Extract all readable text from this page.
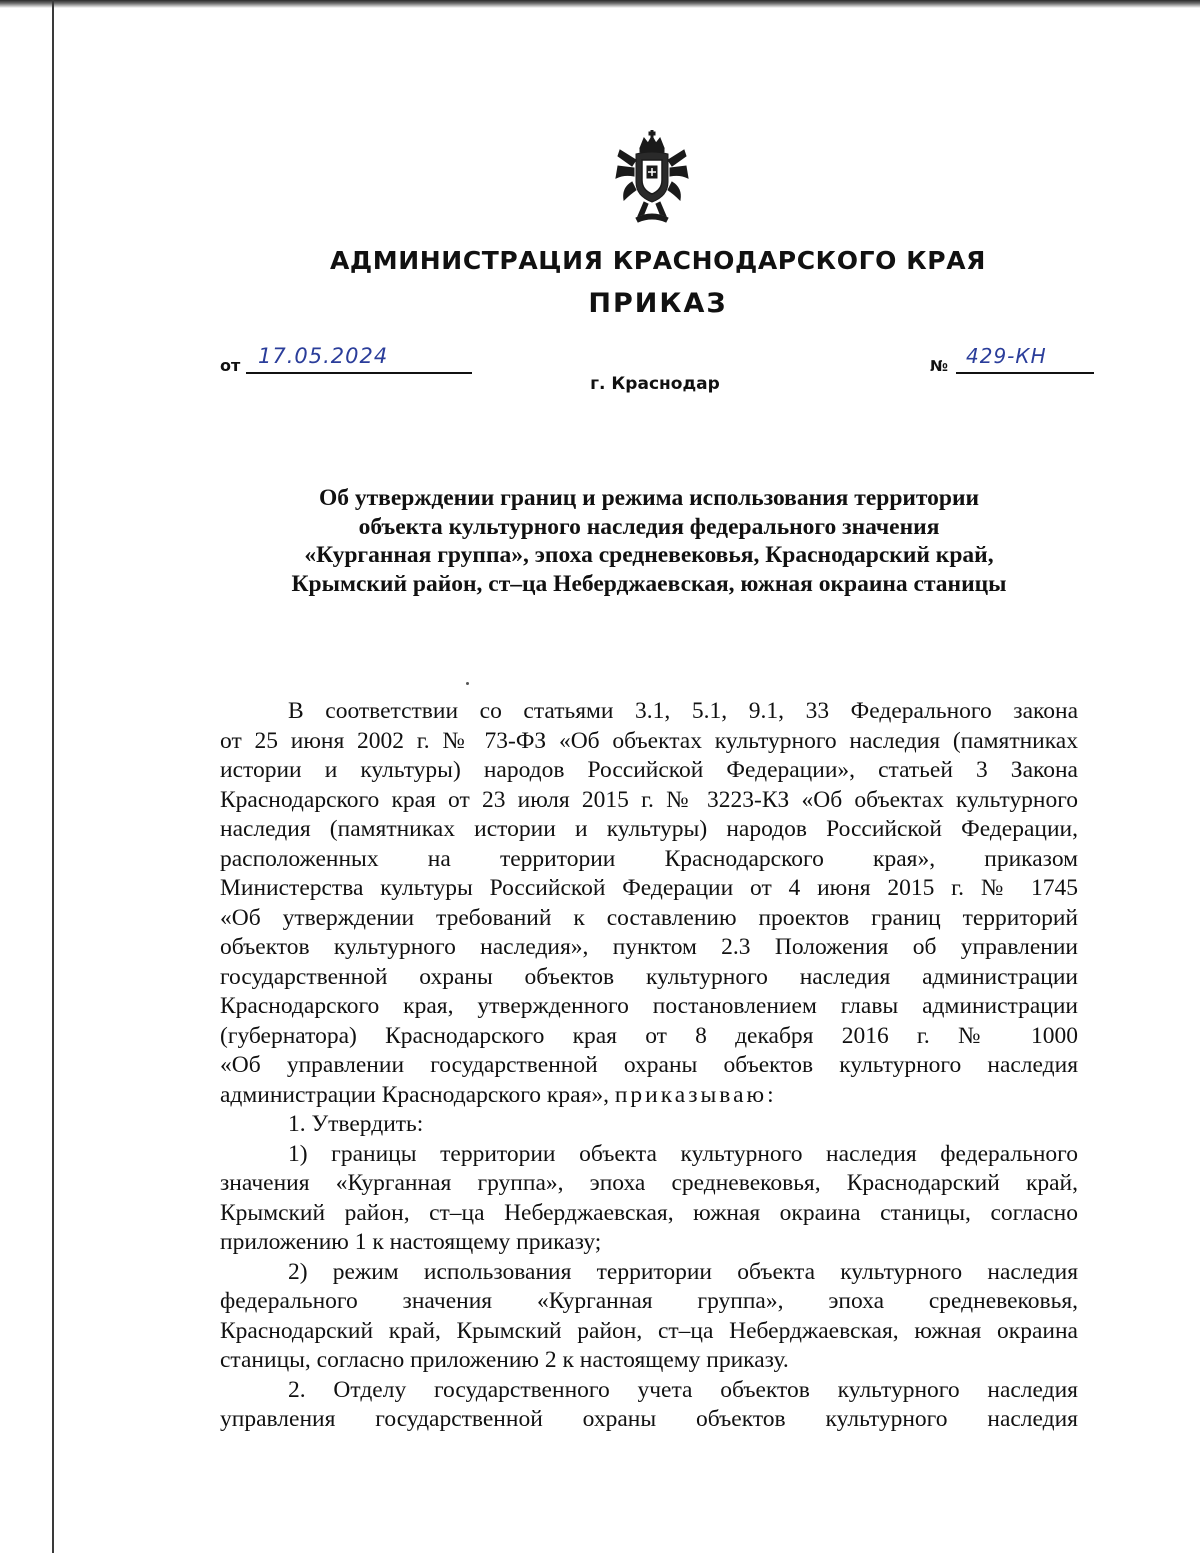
АДМИНИСТРАЦИЯ КРАСНОДАРСКОГО КРАЯ
ПРИКАЗ
от 17.05.2024
г. Краснодар
№ 429-КН
Об утверждении границ и режима использования территории
объекта культурного наследия федерального значения
«Курганная группа», эпоха средневековья, Краснодарский край,
Крымский район, ст–ца Неберджаевская, южная окраина станицы
В соответствии со статьями 3.1, 5.1, 9.1, 33 Федерального закона
от 25 июня 2002 г. № 73-ФЗ «Об объектах культурного наследия (памятниках
истории и культуры) народов Российской Федерации», статьей 3 Закона
Краснодарского края от 23 июля 2015 г. № 3223-КЗ «Об объектах культурного
наследия (памятниках истории и культуры) народов Российской Федерации,
расположенных на территории Краснодарского края», приказом
Министерства культуры Российской Федерации от 4 июня 2015 г. № 1745
«Об утверждении требований к составлению проектов границ территорий
объектов культурного наследия», пунктом 2.3 Положения об управлении
государственной охраны объектов культурного наследия администрации
Краснодарского края, утвержденного постановлением главы администрации
(губернатора) Краснодарского края от 8 декабря 2016 г. № 1000
«Об управлении государственной охраны объектов культурного наследия
администрации Краснодарского края», приказываю:
1. Утвердить:
1) границы территории объекта культурного наследия федерального
значения «Курганная группа», эпоха средневековья, Краснодарский край,
Крымский район, ст–ца Неберджаевская, южная окраина станицы, согласно
приложению 1 к настоящему приказу;
2) режим использования территории объекта культурного наследия
федерального значения «Курганная группа», эпоха средневековья,
Краснодарский край, Крымский район, ст–ца Неберджаевская, южная окраина
станицы, согласно приложению 2 к настоящему приказу.
2. Отделу государственного учета объектов культурного наследия
управления государственной охраны объектов культурного наследия
